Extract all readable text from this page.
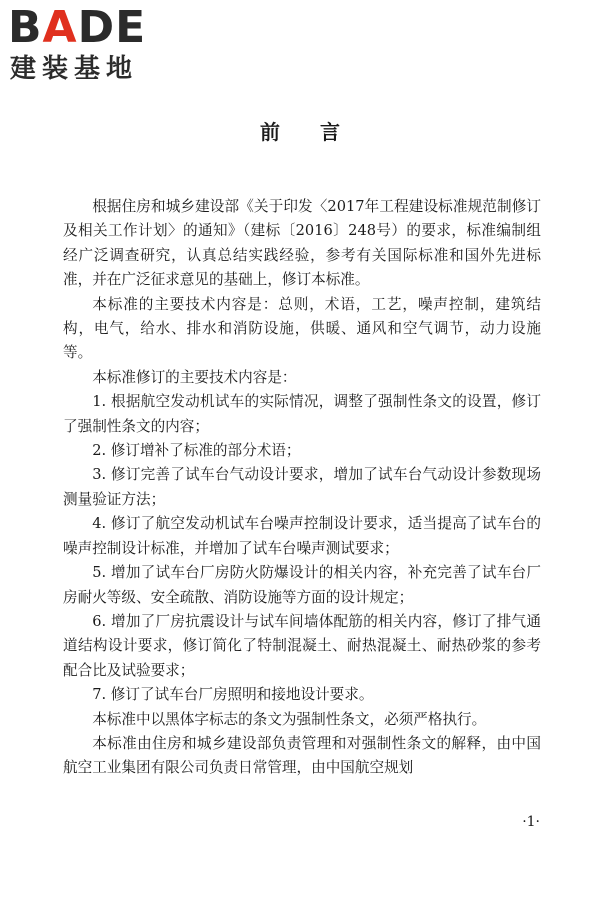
BADE
建装基地
前言

根据住房和城乡建设部《关于印发〈2017年工程建设标准规范制修订及相关工作计划〉的通知》（建标〔2016〕248号）的要求，标准编制组经广泛调查研究，认真总结实践经验，参考有关国际标准和国外先进标准，并在广泛征求意见的基础上，修订本标准。

本标准的主要技术内容是：总则，术语，工艺，噪声控制，建筑结构，电气，给水、排水和消防设施，供暖、通风和空气调节，动力设施等。

本标准修订的主要技术内容是：

1. 根据航空发动机试车的实际情况，调整了强制性条文的设置，修订了强制性条文的内容；

2. 修订增补了标准的部分术语；

3. 修订完善了试车台气动设计要求，增加了试车台气动设计参数现场测量验证方法；

4. 修订了航空发动机试车台噪声控制设计要求，适当提高了试车台的噪声控制设计标准，并增加了试车台噪声测试要求；

5. 增加了试车台厂房防火防爆设计的相关内容，补充完善了试车台厂房耐火等级、安全疏散、消防设施等方面的设计规定；

6. 增加了厂房抗震设计与试车间墙体配筋的相关内容，修订了排气通道结构设计要求，修订简化了特制混凝土、耐热混凝土、耐热砂浆的参考配合比及试验要求；

7. 修订了试车台厂房照明和接地设计要求。

本标准中以黑体字标志的条文为强制性条文，必须严格执行。

本标准由住房和城乡建设部负责管理和对强制性条文的解释，由中国航空工业集团有限公司负责日常管理，由中国航空规划

·1·
